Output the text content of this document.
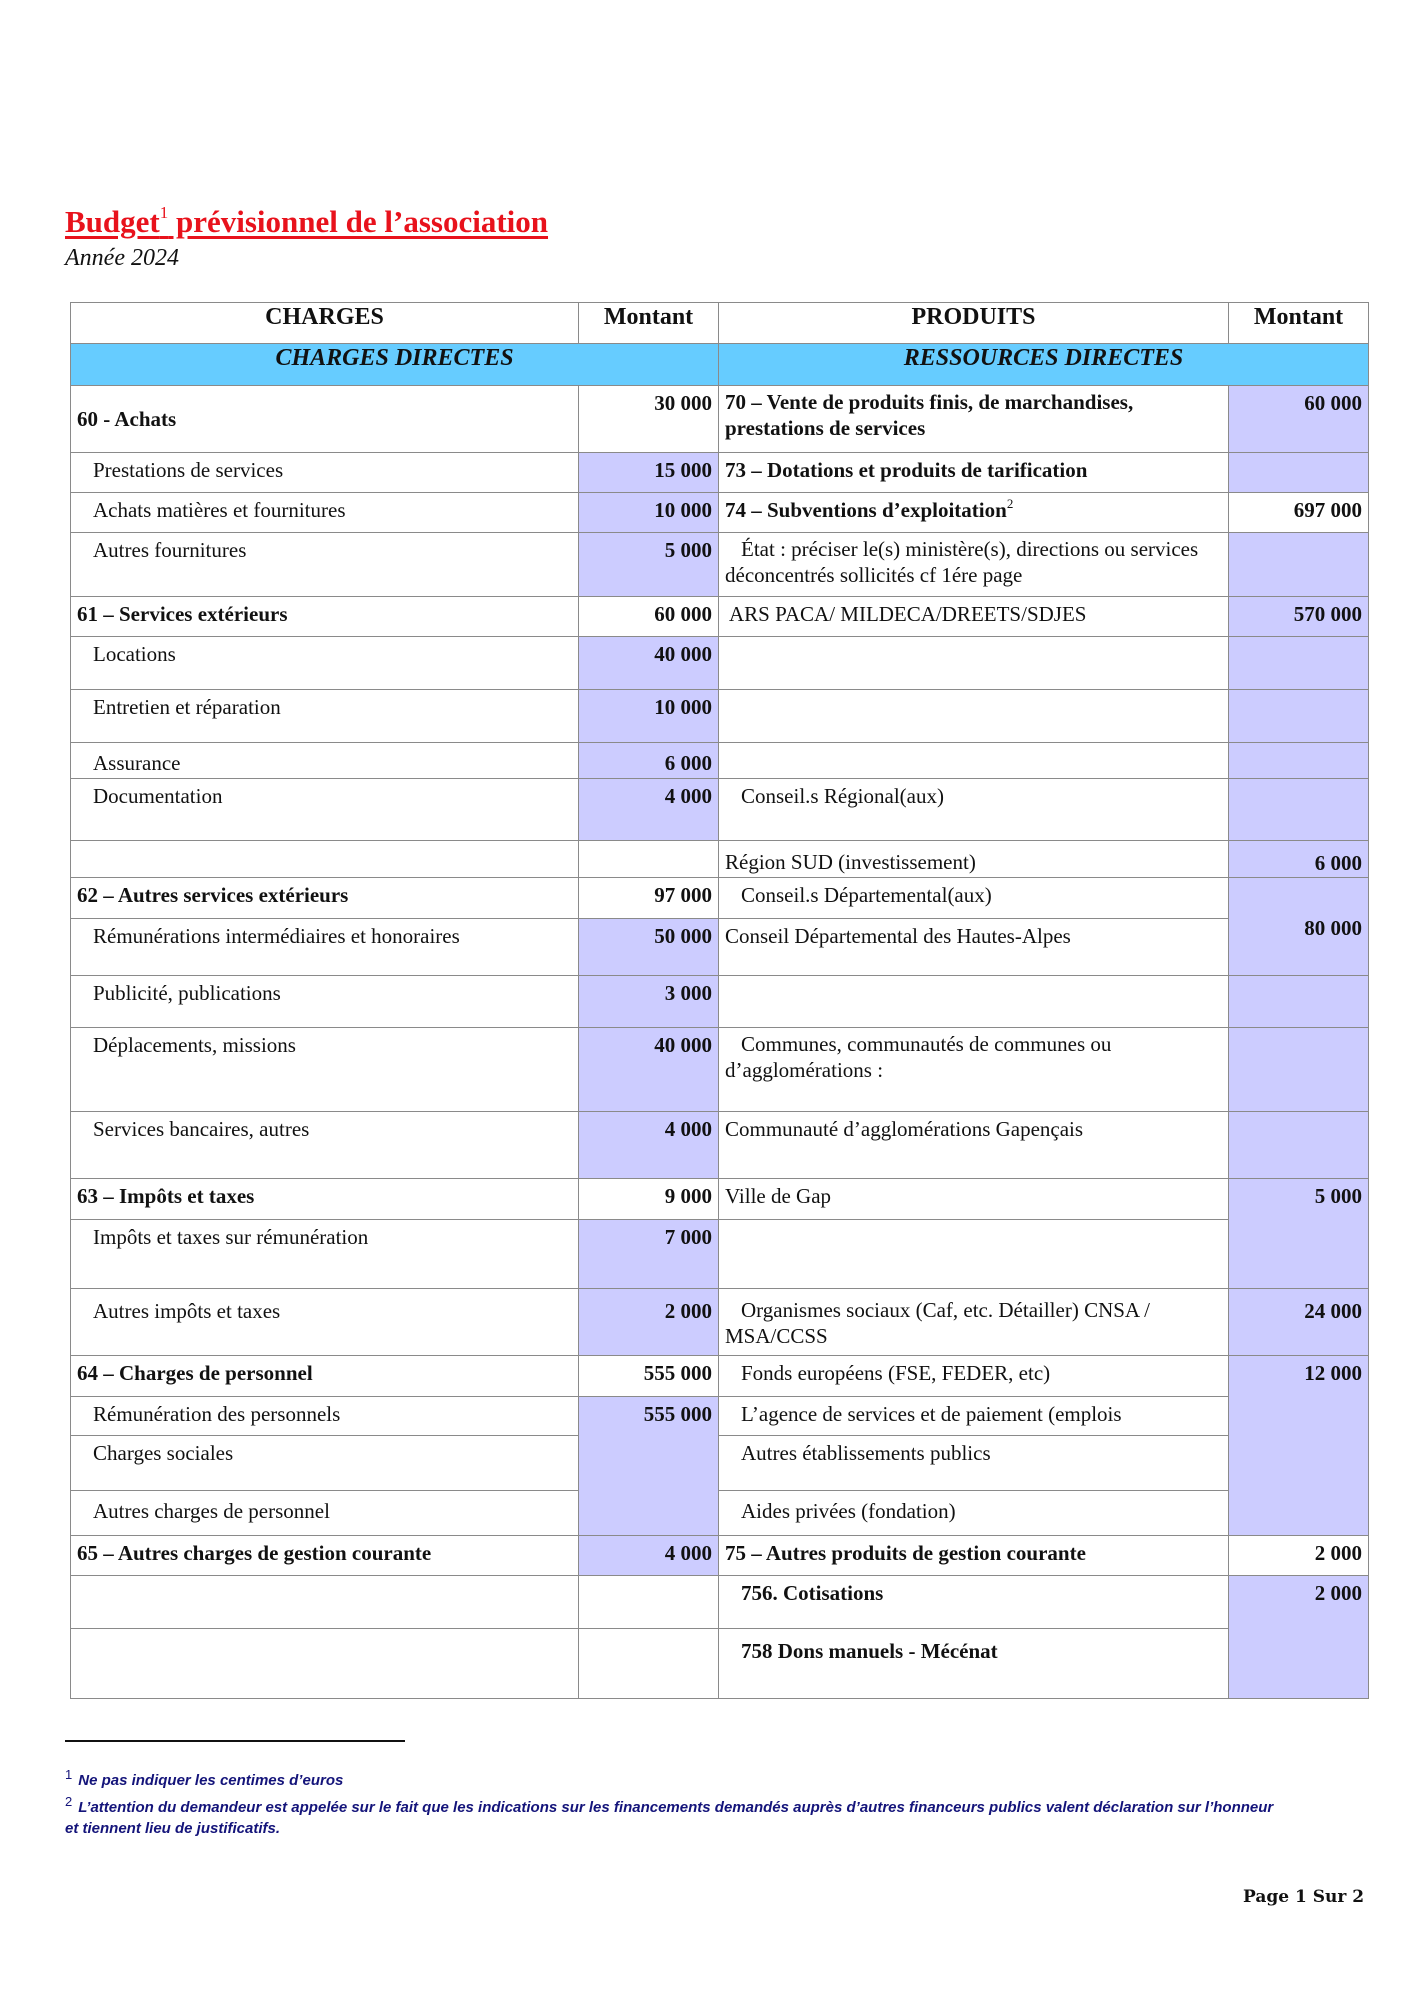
Budget$^1$ prévisionnel de l’association
Année 2024
CHARGES	Montant	PRODUITS	Montant
CHARGES DIRECTES		RESSOURCES DIRECTES	
60 - Achats	30 000	70 – Vente de produits finis, de marchandises, prestations de services	60 000
Prestations de services	15 000	73 – Dotations et produits de tarification	
Achats matières et fournitures	10 000	74 – Subventions d’exploitation$^2$	697 000
Autres fournitures	5 000	État : préciser le(s) ministère(s), directions ou services déconcentrés sollicités cf 1ére page	
61 – Services extérieurs	60 000	ARS PACA/ MILDECA/DREETS/SDJES	570 000
Locations	40 000		
Entretien et réparation	10 000		
Assurance	6 000		
Documentation	4 000	Conseil.s Régional(aux)	
		Région SUD (investissement)	6 000
62 – Autres services extérieurs	97 000	Conseil.s Départemental(aux)	80 000
Rémunérations intermédiaires et honoraires	50 000	Conseil Départemental des Hautes-Alpes	
Publicité, publications	3 000		
Déplacements, missions	40 000	Communes, communautés de communes ou d’agglomérations :	
Services bancaires, autres	4 000	Communauté d’agglomérations Gapençais	
63 – Impôts et taxes	9 000	Ville de Gap	5 000
Impôts et taxes sur rémunération	7 000		
Autres impôts et taxes	2 000	Organismes sociaux (Caf, etc. Détailler) CNSA / MSA/CCSS	24 000
64 – Charges de personnel	555 000	Fonds européens (FSE, FEDER, etc)	12 000
Rémunération des personnels	555 000	L’agence de services et de paiement (emplois	
Charges sociales		Autres établissements publics	
Autres charges de personnel		Aides privées (fondation)	
65 – Autres charges de gestion courante	4 000	75 – Autres produits de gestion courante	2 000
		756. Cotisations	2 000
		758 Dons manuels - Mécénat	
$^1$ Ne pas indiquer les centimes d’euros
$^2$ L’attention du demandeur est appelée sur le fait que les indications sur les financements demandés auprès d’autres financeurs publics valent déclaration sur l’honneur
et tiennent lieu de justificatifs.
Page 1 Sur 2
